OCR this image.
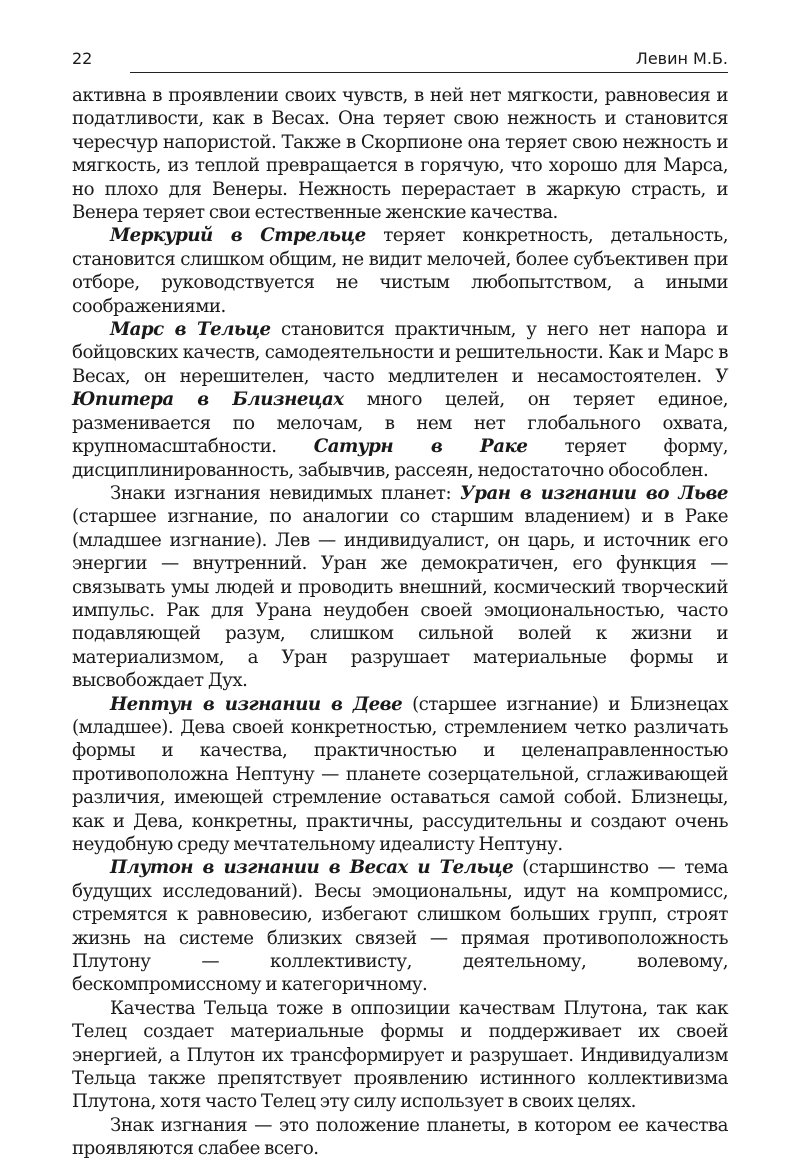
22	Левин М.Б.

активна в проявлении своих чувств, в ней нет мягкости, равновесия и податливости, как в Весах. Она теряет свою нежность и становится чересчур напористой. Также в Скорпионе она теряет свою нежность и мягкость, из теплой превращается в горячую, что хорошо для Марса, но плохо для Венеры. Нежность перерастает в жаркую страсть, и Венера теряет свои естественные женские качества.

Меркурий в Стрельце теряет конкретность, детальность, становится слишком общим, не видит мелочей, более субъективен при отборе, руководствуется не чистым любопытством, а иными соображениями.

Марс в Тельце становится практичным, у него нет напора и бойцовских качеств, самодеятельности и решительности. Как и Марс в Весах, он нерешителен, часто медлителен и несамостоятелен. У Юпитера в Близнецах много целей, он теряет единое, разменивается по мелочам, в нем нет глобального охвата, крупномасштабности. Сатурн в Раке теряет форму, дисциплинированность, забывчив, рассеян, недостаточно обособлен.

Знаки изгнания невидимых планет: Уран в изгнании во Льве (старшее изгнание, по аналогии со старшим владением) и в Раке (младшее изгнание). Лев — индивидуалист, он царь, и источник его энергии — внутренний. Уран же демократичен, его функция — связывать умы людей и проводить внешний, космический творческий импульс. Рак для Урана неудобен своей эмоциональностью, часто подавляющей разум, слишком сильной волей к жизни и материализмом, а Уран разрушает материальные формы и высвобождает Дух.

Нептун в изгнании в Деве (старшее изгнание) и Близнецах (младшее). Дева своей конкретностью, стремлением четко различать формы и качества, практичностью и целенаправленностью противоположна Нептуну — планете созерцательной, сглаживающей различия, имеющей стремление оставаться самой собой. Близнецы, как и Дева, конкретны, практичны, рассудительны и создают очень неудобную среду мечтательному идеалисту Нептуну.

Плутон в изгнании в Весах и Тельце (старшинство — тема будущих исследований). Весы эмоциональны, идут на компромисс, стремятся к равновесию, избегают слишком больших групп, строят жизнь на системе близких связей — прямая противоположность Плутону — коллективисту, деятельному, волевому, бескомпромиссному и категоричному.

Качества Тельца тоже в оппозиции качествам Плутона, так как Телец создает материальные формы и поддерживает их своей энергией, а Плутон их трансформирует и разрушает. Индивидуализм Тельца также препятствует проявлению истинного коллективизма Плутона, хотя часто Телец эту силу использует в своих целях.

Знак изгнания — это положение планеты, в котором ее качества проявляются слабее всего.
